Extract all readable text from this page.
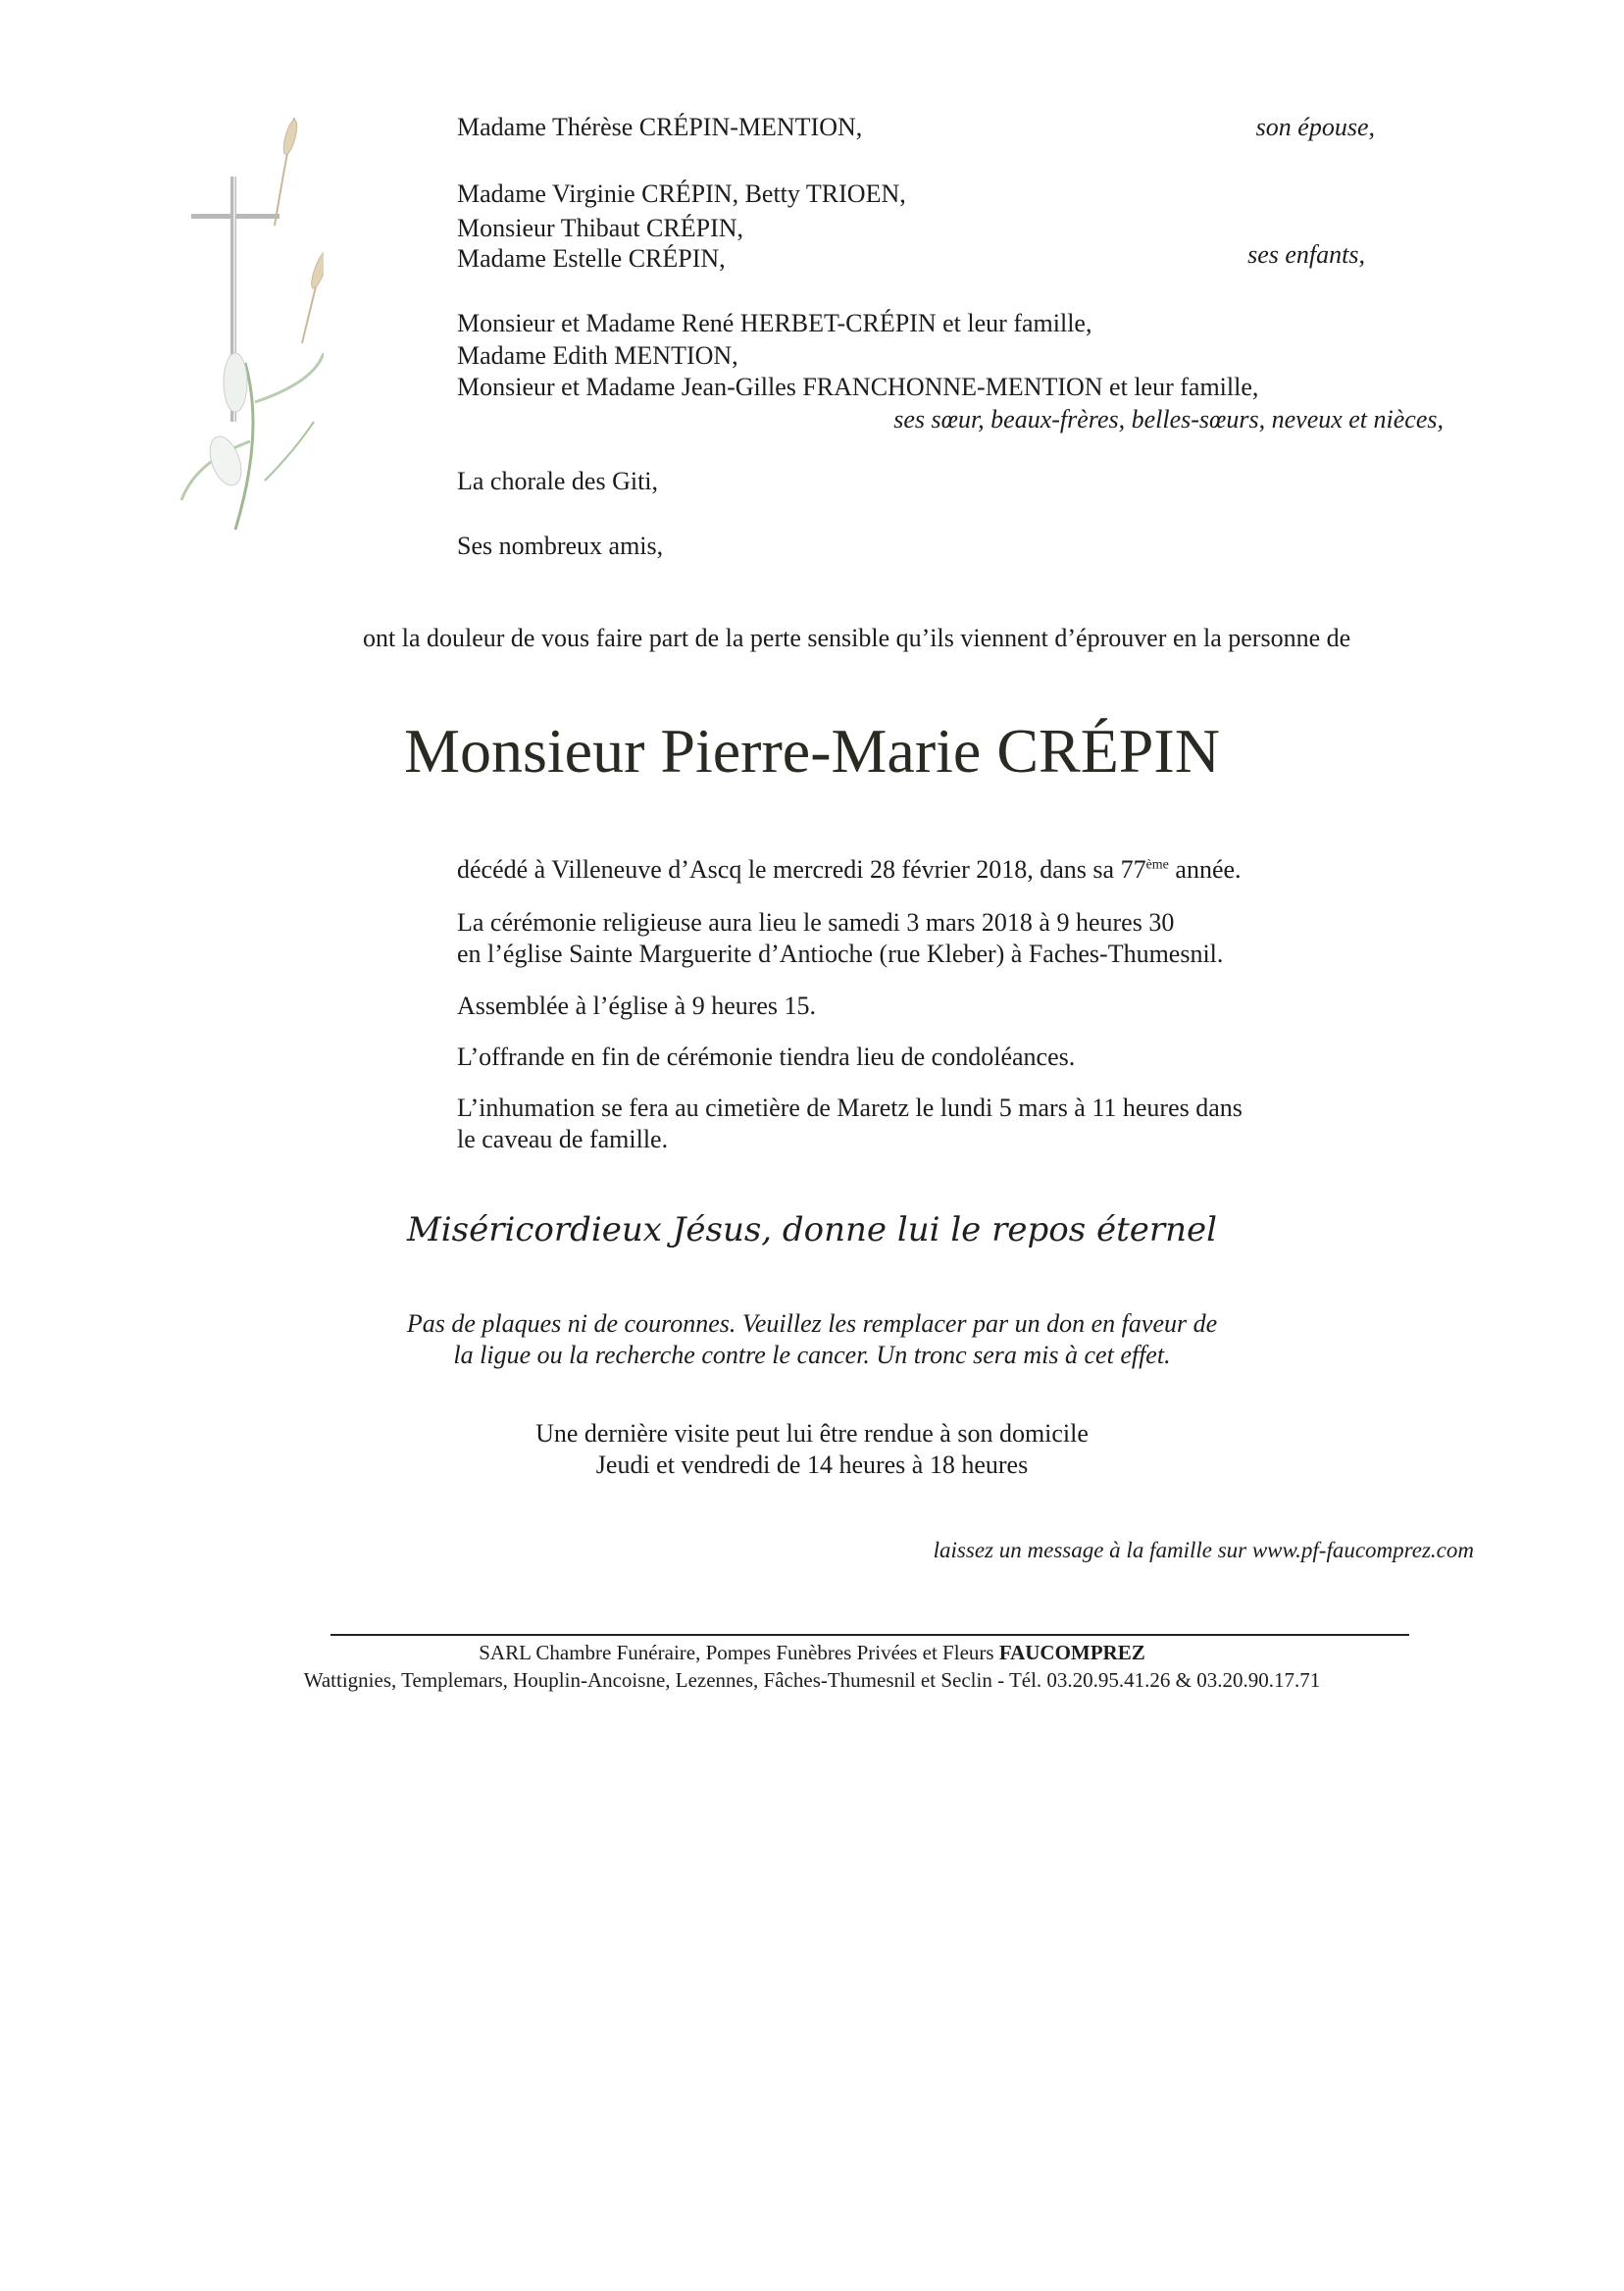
Madame Thérèse CRÉPIN-MENTION,	son épouse,
Madame Virginie CRÉPIN, Betty TRIOEN,
Monsieur Thibaut CRÉPIN,
Madame Estelle CRÉPIN,	ses enfants,
Monsieur et Madame René HERBET-CRÉPIN et leur famille,
Madame Edith MENTION,
Monsieur et Madame Jean-Gilles FRANCHONNE-MENTION et leur famille,
ses sœur, beaux-frères, belles-sœurs, neveux et nièces,
La chorale des Giti,
Ses nombreux amis,
ont la douleur de vous faire part de la perte sensible qu’ils viennent d’éprouver en la personne de
Monsieur Pierre-Marie CRÉPIN
décédé à Villeneuve d’Ascq le mercredi 28 février 2018, dans sa 77ème année.
La cérémonie religieuse aura lieu le samedi 3 mars 2018 à 9 heures 30
en l’église Sainte Marguerite d’Antioche (rue Kleber) à Faches-Thumesnil.
Assemblée à l’église à 9 heures 15.
L’offrande en fin de cérémonie tiendra lieu de condoléances.
L’inhumation se fera au cimetière de Maretz le lundi 5 mars à 11 heures dans
le caveau de famille.
Miséricordieux Jésus, donne lui le repos éternel
Pas de plaques ni de couronnes. Veuillez les remplacer par un don en faveur de
la ligue ou la recherche contre le cancer. Un tronc sera mis à cet effet.
Une dernière visite peut lui être rendue à son domicile
Jeudi et vendredi de 14 heures à 18 heures
laissez un message à la famille sur www.pf-faucomprez.com
SARL Chambre Funéraire, Pompes Funèbres Privées et Fleurs FAUCOMPREZ
Wattignies, Templemars, Houplin-Ancoisne, Lezennes, Fâches-Thumesnil et Seclin - Tél. 03.20.95.41.26 & 03.20.90.17.71
